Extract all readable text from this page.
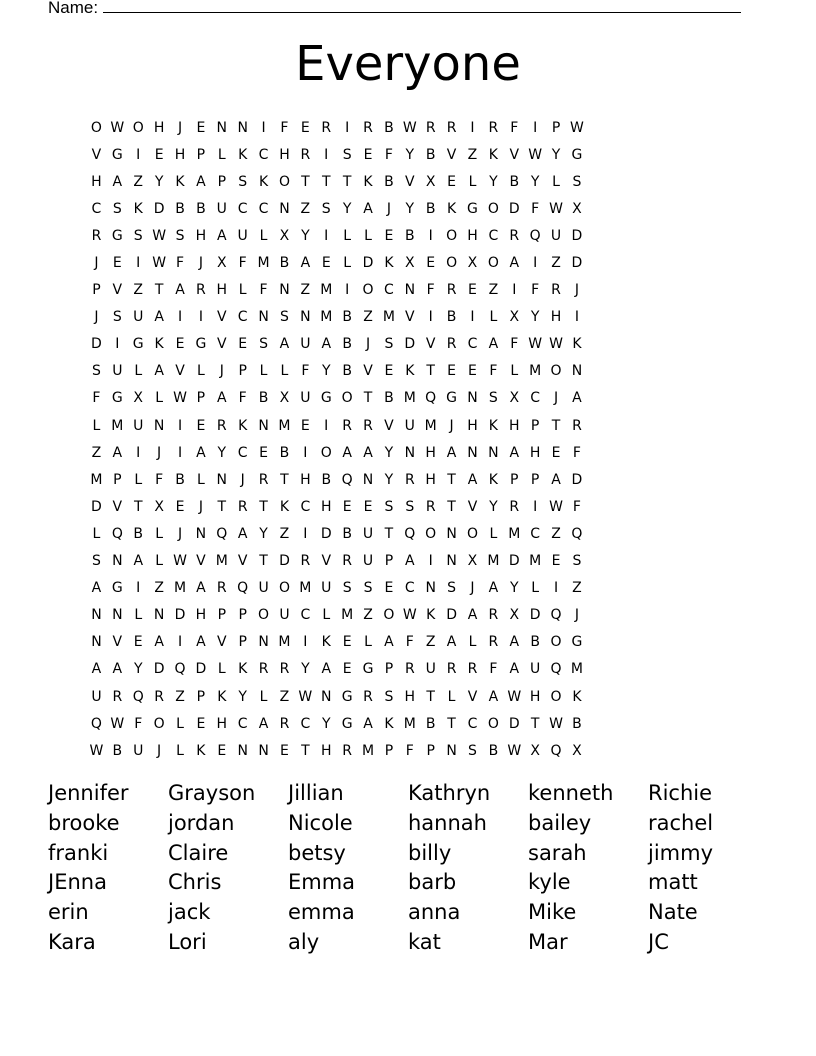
Name:
Everyone
O W O H J	E N N I	F E R I R B W R R I R F	I	P W
V G I	E H P L K C H R I	S E F Y B V Z K V W Y G
H A Z Y K A P S K O T T T K B V X E L Y B Y L S
C S K D B B U C C N Z S Y A	J	Y B K G O D F W X
R G S W S H A U L X Y	I	L L E B	I O H C R Q U D
J	E	I W F	J	X F M B A E L D K X E O X O A	I	Z D
P V Z T A R H L F N Z M I O C N F R E Z	I	F R J
J	S U A	I	I	V C N S N M B Z M V	I	B	I	L X Y H I
D I G K E G V E S A U A B	J	S D V R C A F W W K
S U L A V L	J	P L L F Y B V E K T E E F L M O N
F G X L W P A F B X U G O T B M Q G N S X C J	A
L M U N I	E R K N M E	I R R V U M J H K H P T R
Z A	I	J	I	A Y C E B	I O A A Y N H A N N A H E F
M P L F B L N J R T H B Q N Y R H T A K P P A D
D V T X E	J	T R T K C H E E S S R T V Y R I W F
L Q B L	J N Q A Y Z	I D B U T Q O N O L M C Z Q
S N A L W V M V T D R V R U P A	I N X M D M E S
A G I	Z M A R Q U O M U S S E C N S	J	A Y L	I	Z
N N L N D H P P O U C L M Z O W K D A R X D Q J
N V E A	I	A V P N M I	K E L A F Z A L R A B O G
A A Y D Q D L K R R Y A E G P R U R R F A U Q M
U R Q R Z P K Y L Z W N G R S H T L V A W H O K
Q W F O L E H C A R C Y G A K M B T C O D T W B
W B U J	L K E N N E T H R M P F P N S B W X Q X
Jennifer	Grayson	Jillian	Kathryn	kenneth	Richie
brooke	jordan	Nicole	hannah	bailey	rachel
franki	Claire	betsy	billy	sarah	jimmy
JEnna	Chris	Emma	barb	kyle	matt
erin	jack	emma	anna	Mike	Nate
Kara	Lori	aly	kat	Mar	JC
